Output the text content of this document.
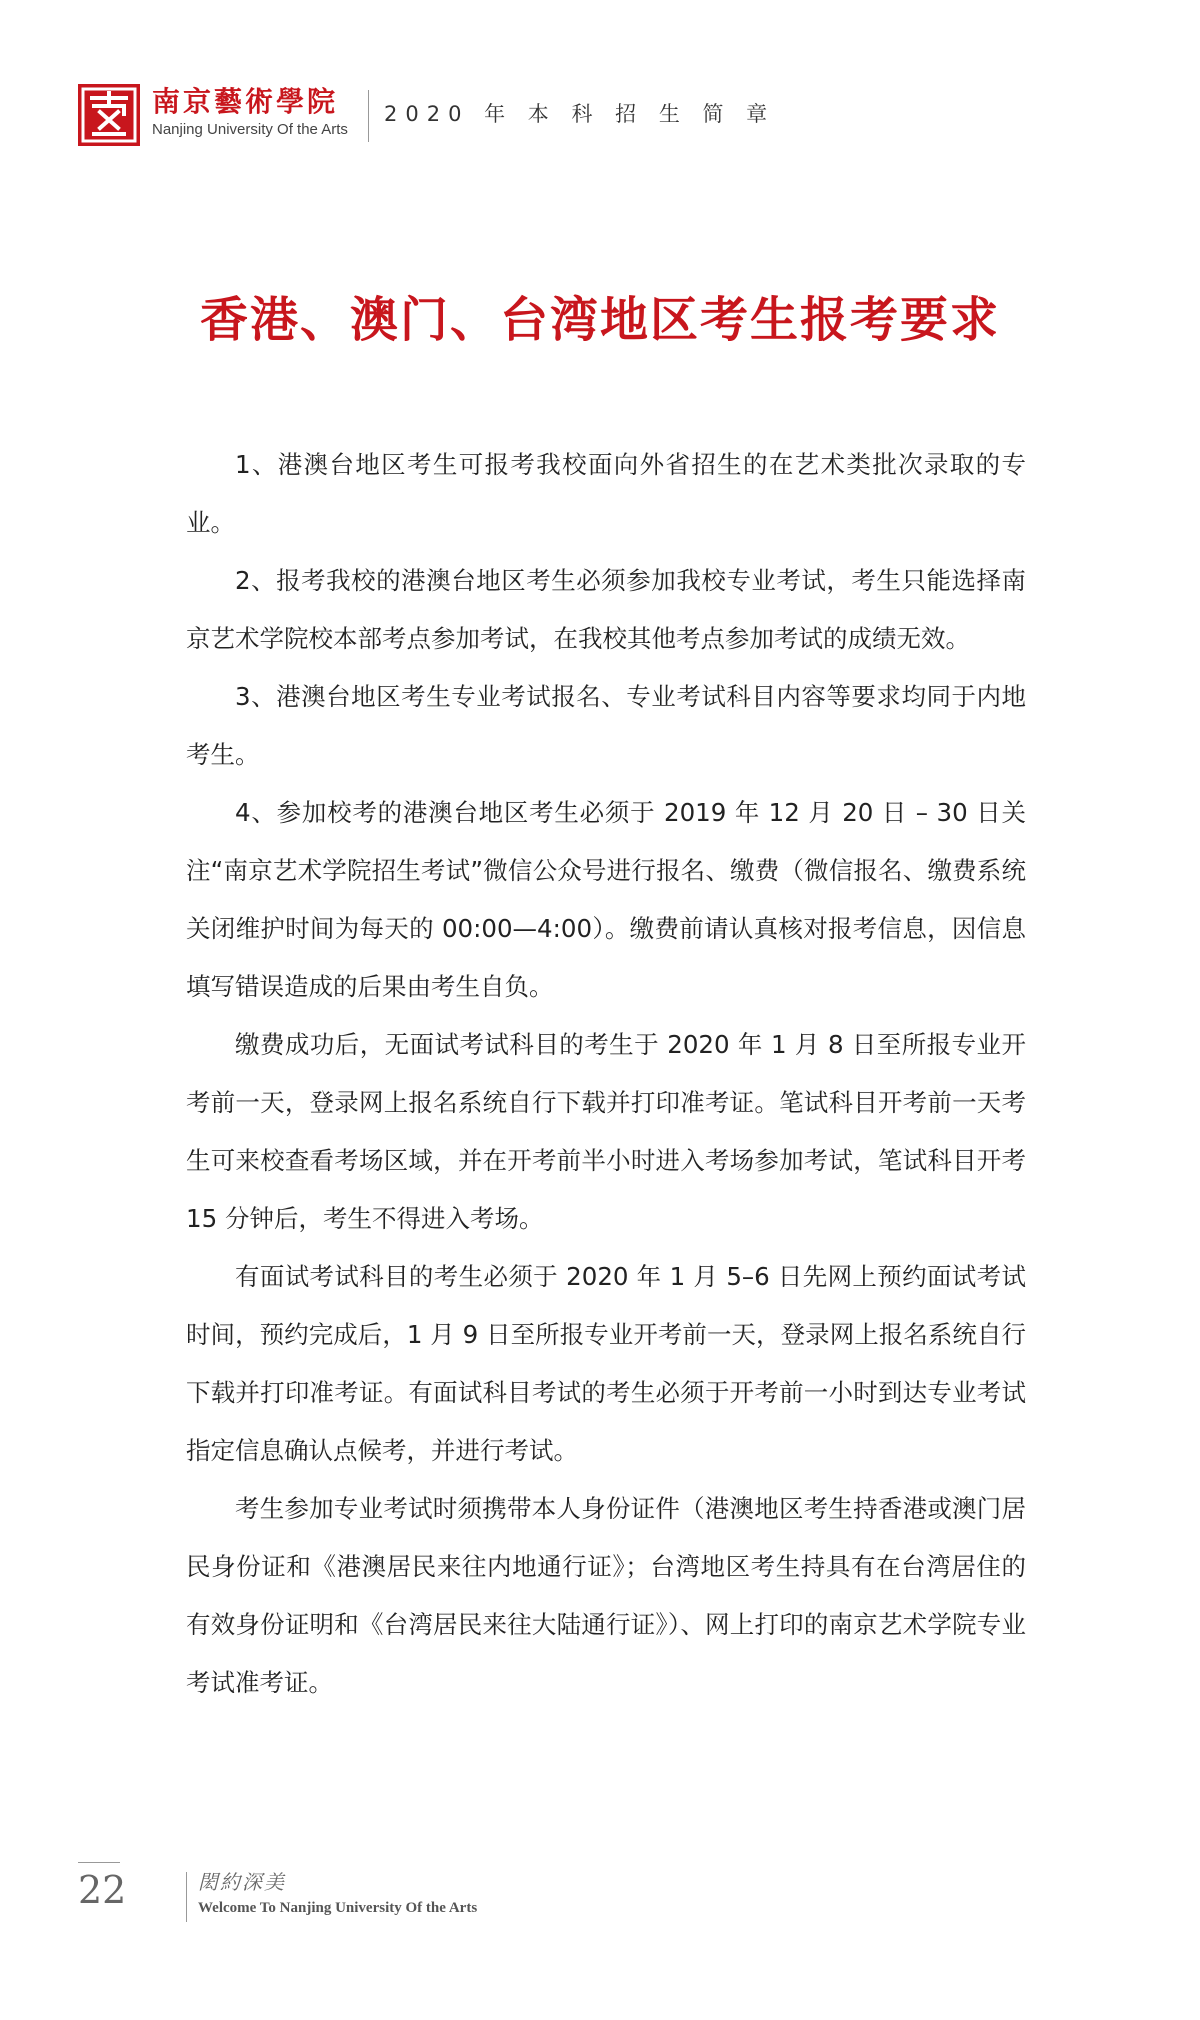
南京藝術學院
Nanjing University Of the Arts
2020 年 本 科 招 生 简 章
香港、澳门、台湾地区考生报考要求

1、港澳台地区考生可报考我校面向外省招生的在艺术类批次录取的专业。

2、报考我校的港澳台地区考生必须参加我校专业考试，考生只能选择南京艺术学院校本部考点参加考试，在我校其他考点参加考试的成绩无效。

3、港澳台地区考生专业考试报名、专业考试科目内容等要求均同于内地考生。

4、参加校考的港澳台地区考生必须于 2019 年 12 月 20 日 – 30 日关注“南京艺术学院招生考试”微信公众号进行报名、缴费（微信报名、缴费系统关闭维护时间为每天的 00:00—4:00）。缴费前请认真核对报考信息，因信息填写错误造成的后果由考生自负。

缴费成功后，无面试考试科目的考生于 2020 年 1 月 8 日至所报专业开考前一天，登录网上报名系统自行下载并打印准考证。笔试科目开考前一天考生可来校查看考场区域，并在开考前半小时进入考场参加考试，笔试科目开考 15 分钟后，考生不得进入考场。

有面试考试科目的考生必须于 2020 年 1 月 5–6 日先网上预约面试考试时间，预约完成后，1 月 9 日至所报专业开考前一天，登录网上报名系统自行下载并打印准考证。有面试科目考试的考生必须于开考前一小时到达专业考试指定信息确认点候考，并进行考试。

考生参加专业考试时须携带本人身份证件（港澳地区考生持香港或澳门居民身份证和《港澳居民来往内地通行证》；台湾地区考生持具有在台湾居住的有效身份证明和《台湾居民来往大陆通行证》）、网上打印的南京艺术学院专业考试准考证。

22	閎約深美
Welcome To Nanjing University Of the Arts
